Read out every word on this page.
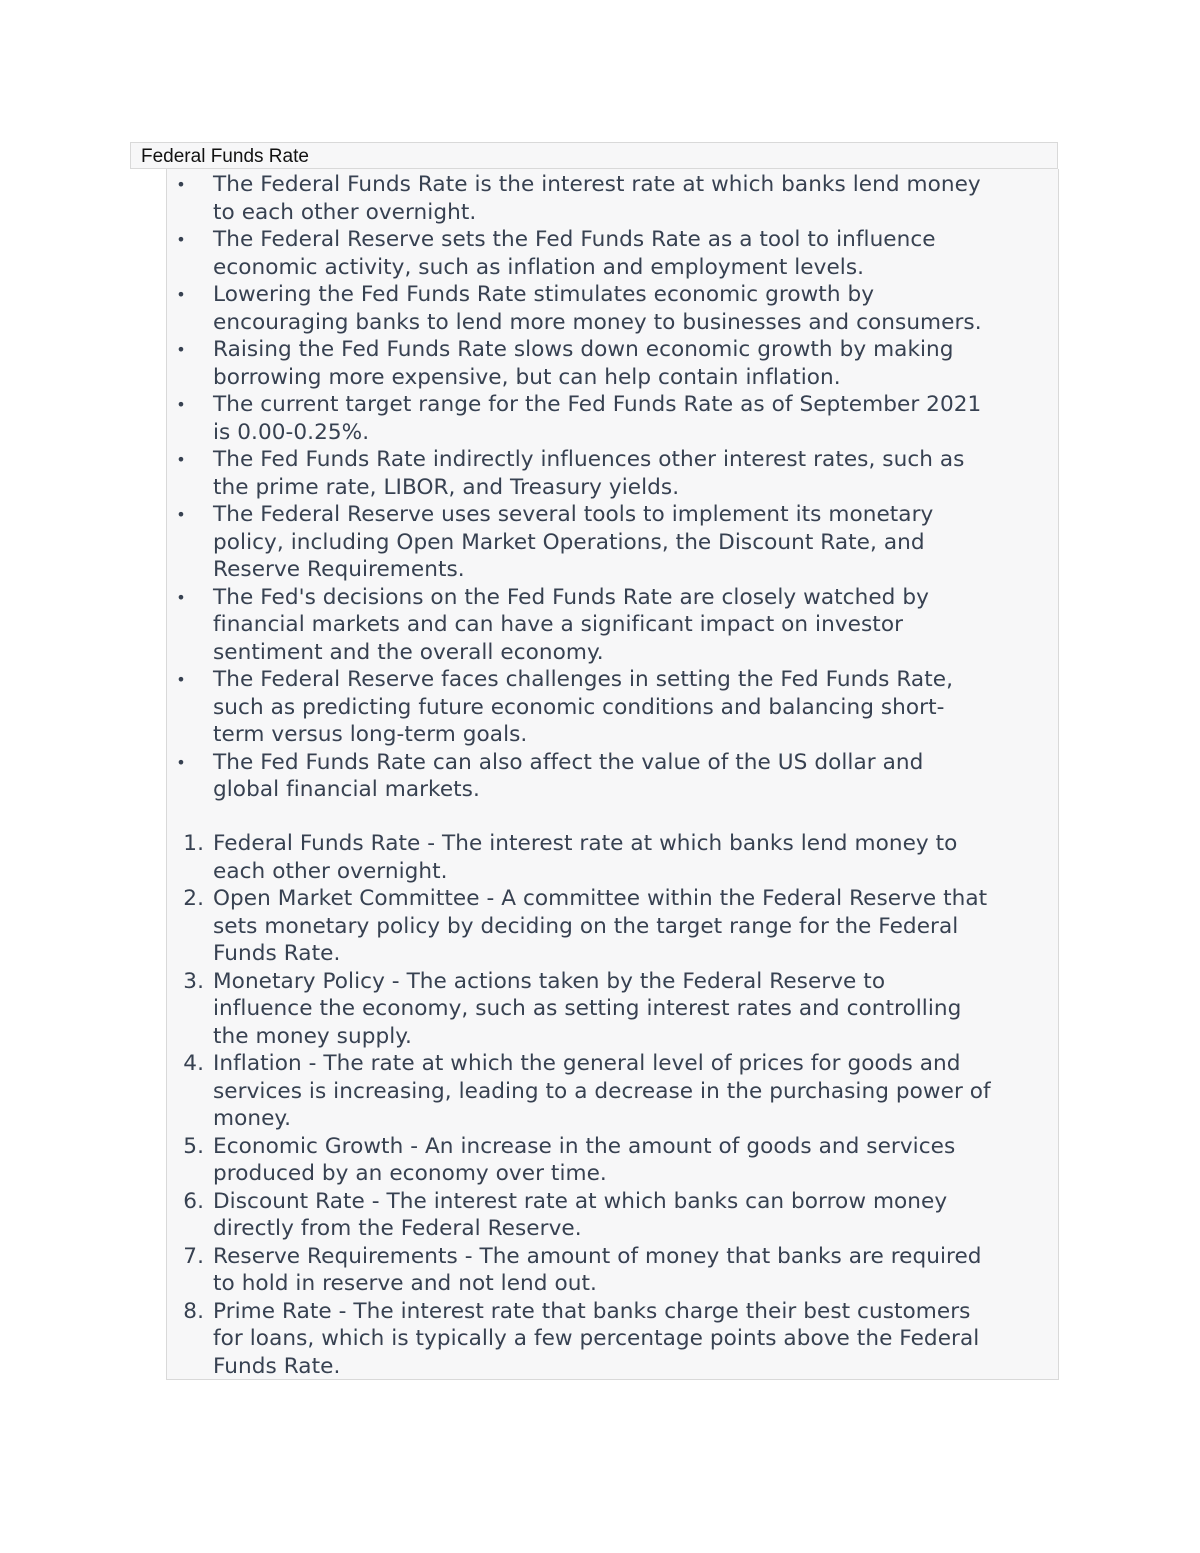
Federal Funds Rate
• The Federal Funds Rate is the interest rate at which banks lend money
to each other overnight.
• The Federal Reserve sets the Fed Funds Rate as a tool to influence
economic activity, such as inflation and employment levels.
• Lowering the Fed Funds Rate stimulates economic growth by
encouraging banks to lend more money to businesses and consumers.
• Raising the Fed Funds Rate slows down economic growth by making
borrowing more expensive, but can help contain inflation.
• The current target range for the Fed Funds Rate as of September 2021
is 0.00-0.25%.
• The Fed Funds Rate indirectly influences other interest rates, such as
the prime rate, LIBOR, and Treasury yields.
• The Federal Reserve uses several tools to implement its monetary
policy, including Open Market Operations, the Discount Rate, and
Reserve Requirements.
• The Fed's decisions on the Fed Funds Rate are closely watched by
financial markets and can have a significant impact on investor
sentiment and the overall economy.
• The Federal Reserve faces challenges in setting the Fed Funds Rate,
such as predicting future economic conditions and balancing short-
term versus long-term goals.
• The Fed Funds Rate can also affect the value of the US dollar and
global financial markets.
1. Federal Funds Rate - The interest rate at which banks lend money to
each other overnight.
2. Open Market Committee - A committee within the Federal Reserve that
sets monetary policy by deciding on the target range for the Federal
Funds Rate.
3. Monetary Policy - The actions taken by the Federal Reserve to
influence the economy, such as setting interest rates and controlling
the money supply.
4. Inflation - The rate at which the general level of prices for goods and
services is increasing, leading to a decrease in the purchasing power of
money.
5. Economic Growth - An increase in the amount of goods and services
produced by an economy over time.
6. Discount Rate - The interest rate at which banks can borrow money
directly from the Federal Reserve.
7. Reserve Requirements - The amount of money that banks are required
to hold in reserve and not lend out.
8. Prime Rate - The interest rate that banks charge their best customers
for loans, which is typically a few percentage points above the Federal
Funds Rate.
